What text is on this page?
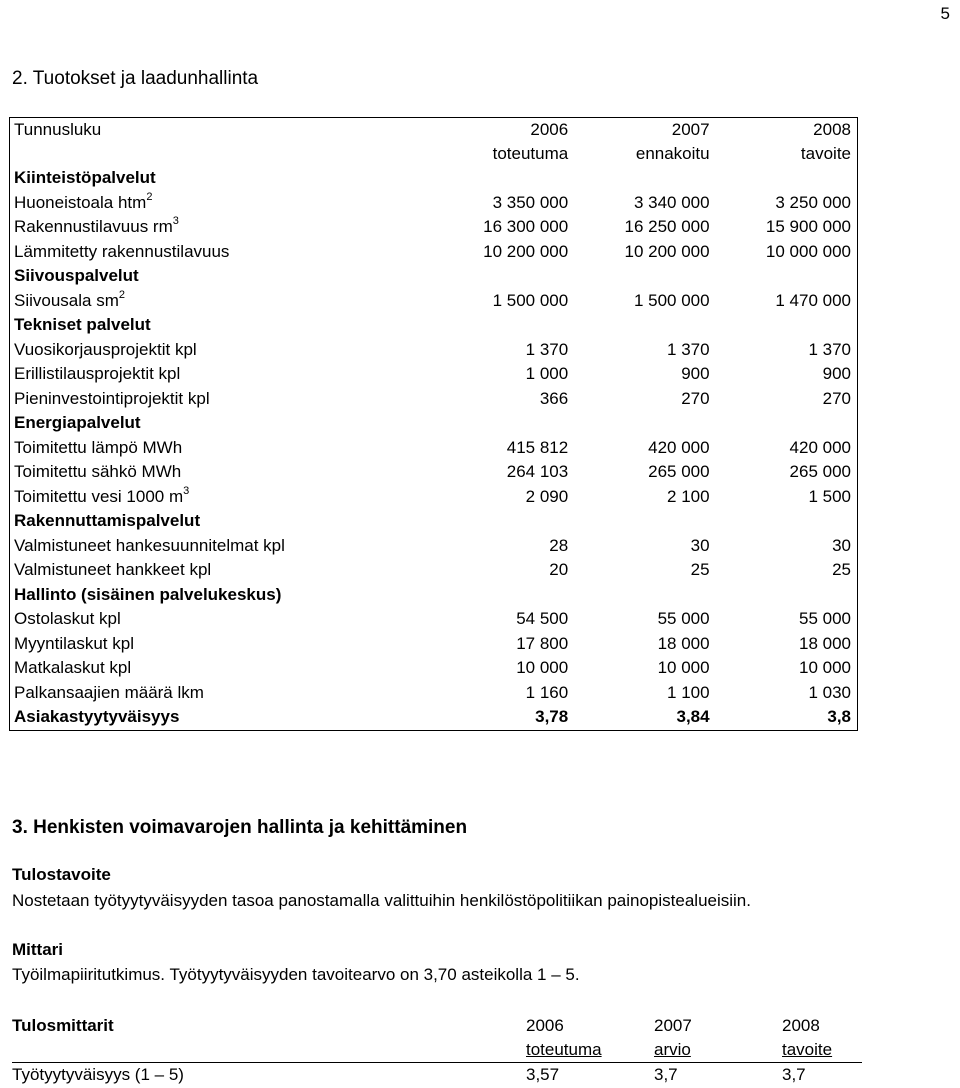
5
2. Tuotokset ja laadunhallinta
Tunnusluku	2006	2007	2008
	toteutuma	ennakoitu	tavoite
Kiinteistöpalvelut			
Huoneistoala htm$^2$	3 350 000	3 340 000	3 250 000
Rakennustilavuus $rm^3$	16 300 000	16 250 000	15 900 000
Lämmitetty rakennustilavuus	10 200 000	10 200 000	10 000 000
Siivouspalvelut			
Siivousala $sm^2$	1 500 000	1 500 000	1 470 000
Tekniset palvelut			
Vuosikorjausprojektit kpl	1 370	1 370	1 370
Erillistilausprojektit kpl	1 000	900	900
Pieninvestointiprojektit kpl	366	270	270
Energiapalvelut			
Toimitettu lämpö MWh	415 812	420 000	420 000
Toimitettu sähkö MWh	264 103	265 000	265 000
Toimitettu vesi 1000 $m^3$	2 090	2 100	1 500
Rakennuttamispalvelut			
Valmistuneet hankesuunnitelmat kpl	28	30	30
Valmistuneet hankkeet kpl	20	25	25
Hallinto (sisäinen palvelukeskus)			
Ostolaskut kpl	54 500	55 000	55 000
Myyntilaskut kpl	17 800	18 000	18 000
Matkalaskut kpl	10 000	10 000	10 000
Palkansaajien määrä lkm	1 160	1 100	1 030
Asiakastyytyväisyys	3,78	3,84	3,8
3. Henkisten voimavarojen hallinta ja kehittäminen
Tulostavoite
Nostetaan työtyytyväisyyden tasoa panostamalla valittuihin henkilöstöpolitiikan painopistealueisiin.
Mittari
Työilmapiiritutkimus. Työtyytyväisyyden tavoitearvo on 3,70 asteikolla 1 – 5.
Tulosmittarit	2006	2007	2008
	toteutuma	arvio	tavoite
Työtyytyväisyys (1 – 5)	3,57	3,7	3,7
